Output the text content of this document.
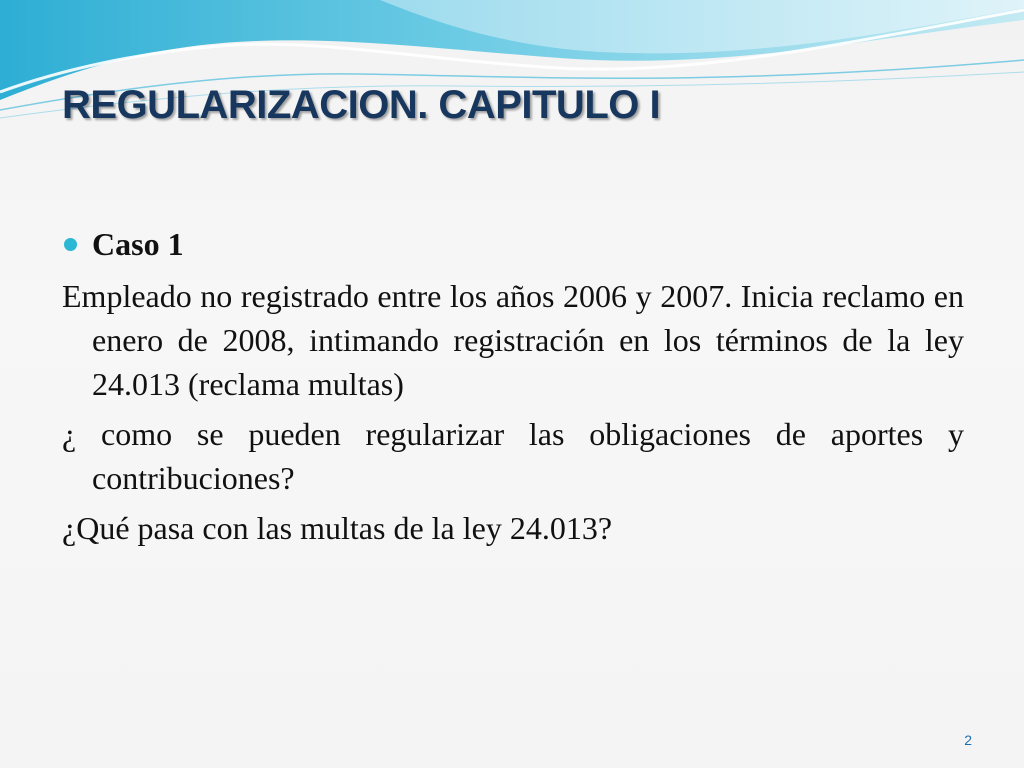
REGULARIZACION. CAPITULO I
Caso 1

Empleado no registrado entre los años 2006 y 2007. Inicia reclamo en enero de 2008, intimando registración en los términos de la ley 24.013 (reclama multas)

¿ como se pueden regularizar las obligaciones de aportes y contribuciones?

¿Qué pasa con las multas de la ley 24.013?

2
